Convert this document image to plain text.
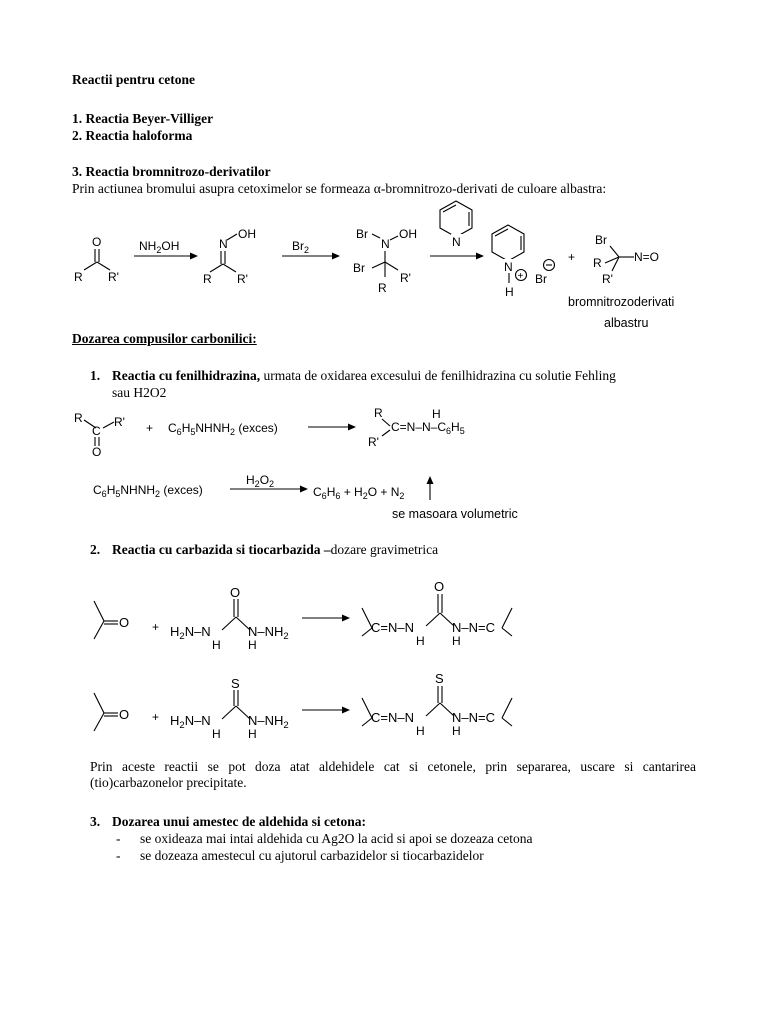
Reactii pentru cetone
1. Reactia Beyer-Villiger
2. Reactia haloforma
3. Reactia bromnitrozo-derivatilor
Prin actiunea bromului asupra cetoximelor se formeaza α-bromnitrozo-derivati de culoare albastra:
O
R R'
$NH_2OH$	N
OH
R R'
$Br_2$
Br
N
OH
Br
R'
R
N
N
+
H
Br
+
Br
R	N=O
R'
bromnitrozoderivati
albastru
Dozarea compusilor carbonilici:
1. Reactia cu fenilhidrazina, urmata de oxidarea excesului de fenilhidrazina cu solutie Fehling
sau H2O2
R
C
R'
O
+ $C_6H_5NHNH_2$ (exces)
R
$C=N-N-C_6H_5$
H
R'
$C_6H_5NHNH_2$ (exces)
$H_2O_2$
$C_6H_6 + H_2O + N_2$
se masoara volumetric
2. Reactia cu carbazida si tiocarbazida –dozare gravimetrica
$O + H_2N-N$
H
O
$N-NH_2$
H
C=N–N
H
O
N–N=C
H
$O + H_2N-N$
H
S
$N-NH_2$
H
C=N–N
H
S
N–N=C
H
Prin aceste reactii se pot doza atat aldehidele cat si cetonele, prin separarea, uscare si cantarirea (tio)carbazonelor precipitate.
3. Dozarea unui amestec de aldehida si cetona:
- se oxideaza mai intai aldehida cu Ag2O la acid si apoi se dozeaza cetona
- se dozeaza amestecul cu ajutorul carbazidelor si tiocarbazidelor
